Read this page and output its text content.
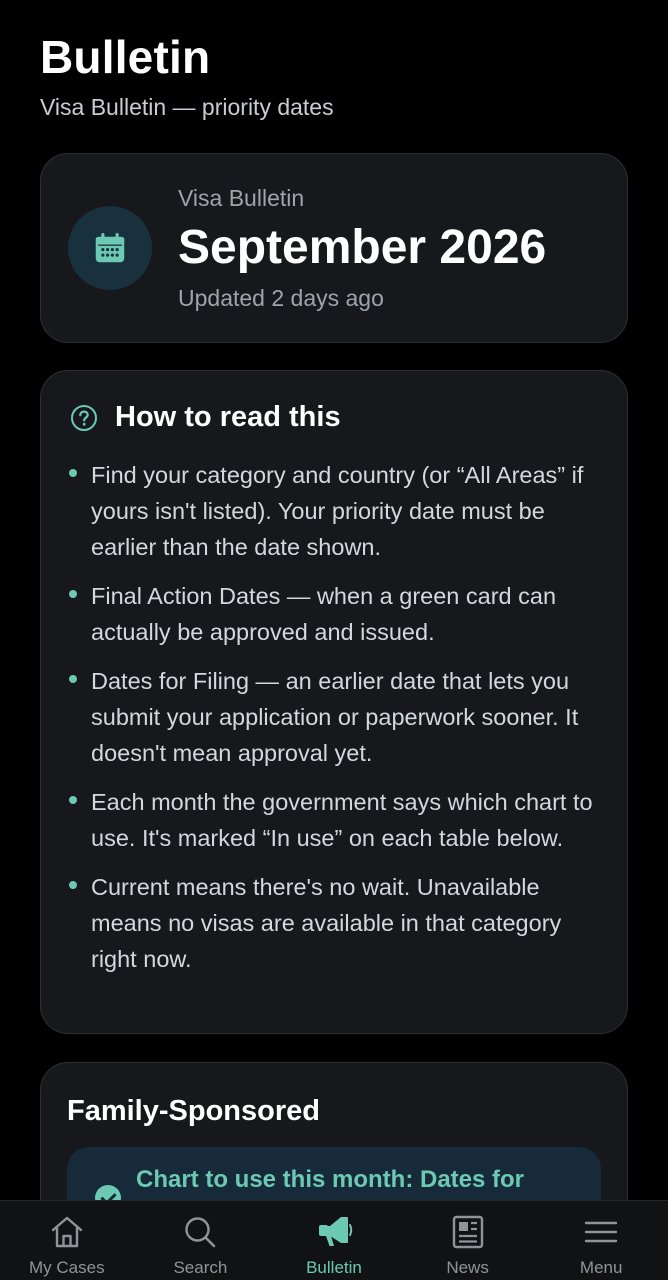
Bulletin
Visa Bulletin — priority dates
Visa Bulletin
September 2026
Updated 2 days ago
How to read this
Find your category and country (or “All Areas” if yours isn't listed). Your priority date must be earlier than the date shown.
Final Action Dates — when a green card can actually be approved and issued.
Dates for Filing — an earlier date that lets you submit your application or paperwork sooner. It doesn't mean approval yet.
Each month the government says which chart to use. It's marked “In use” on each table below.
Current means there's no wait. Unavailable means no visas are available in that category right now.
Family-Sponsored
Chart to use this month: Dates for
My Cases	Search	Bulletin	News	Menu
